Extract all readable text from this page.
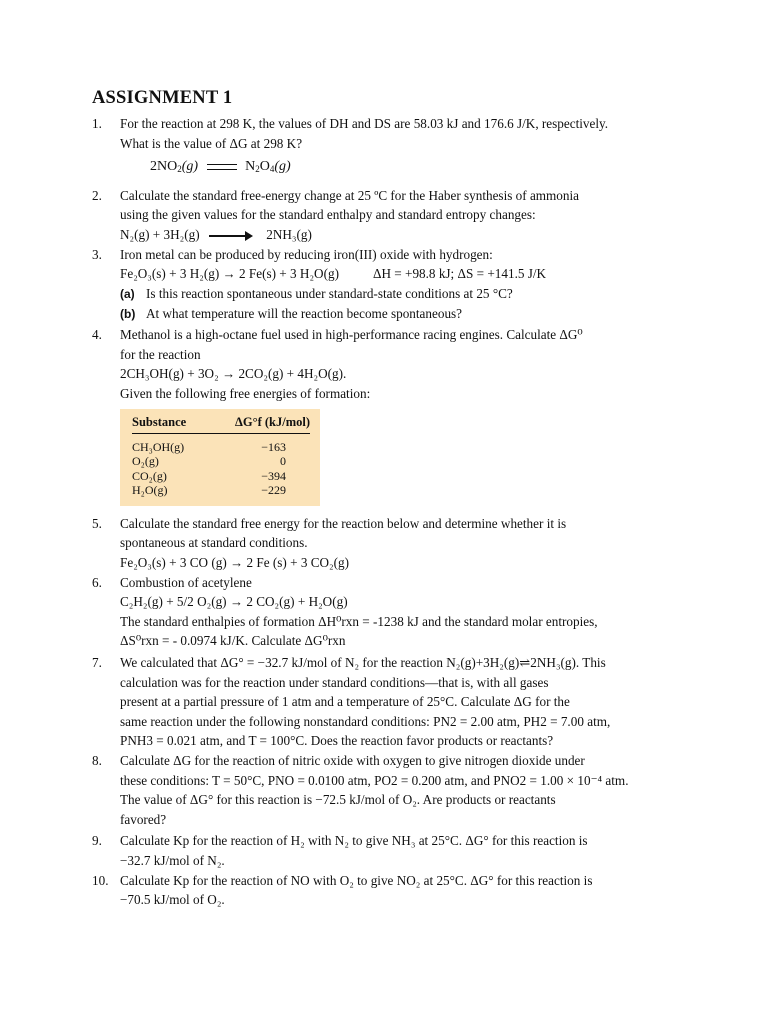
ASSIGNMENT 1
1. For the reaction at 298 K, the values of DH and DS are 58.03 kJ and 176.6 J/K, respectively.
What is the value of ΔG at 298 K?
$2NO_2(g)$	$N_2O_4(g)$
2. Calculate the standard free-energy change at 25 ºC for the Haber synthesis of ammonia
using the given values for the standard enthalpy and standard entropy changes:
N₂(g) + 3H₂(g) → 2NH₃(g)
3. Iron metal can be produced by reducing iron(III) oxide with hydrogen:
Fe₂O₃(s) + 3 H₂(g) → 2 Fe(s) + 3 H₂O(g)	ΔH = +98.8 kJ; ΔS = +141.5 J/K
(a) Is this reaction spontaneous under standard-state conditions at 25 °C?
(b) At what temperature will the reaction become spontaneous?
4. Methanol is a high-octane fuel used in high-performance racing engines. Calculate ΔG⁰
for the reaction
2CH₃OH(g) + 3O₂ → 2CO₂(g) + 4H₂O(g).
Given the following free energies of formation:
Substance	ΔG°f (kJ/mol)
CH₃OH(g)	−163
O₂(g)	0
CO₂(g)	−394
H₂O(g)	−229
5. Calculate the standard free energy for the reaction below and determine whether it is
spontaneous at standard conditions.
Fe₂O₃(s) + 3 CO (g) → 2 Fe (s) + 3 CO₂(g)
6. Combustion of acetylene
C₂H₂(g) + 5/2 O₂(g) → 2 CO₂(g) + H₂O(g)
The standard enthalpies of formation ΔH⁰rxn = -1238 kJ and the standard molar entropies,
ΔS⁰rxn = - 0.0974 kJ/K. Calculate ΔG⁰rxn
7. We calculated that ΔG° = −32.7 kJ/mol of N₂ for the reaction N₂(g)+3H₂(g)⇌2NH₃(g). This
calculation was for the reaction under standard conditions—that is, with all gases
present at a partial pressure of 1 atm and a temperature of 25°C. Calculate ΔG for the
same reaction under the following nonstandard conditions: PN2 = 2.00 atm, PH2 = 7.00 atm,
PNH3 = 0.021 atm, and T = 100°C. Does the reaction favor products or reactants?
8. Calculate ΔG for the reaction of nitric oxide with oxygen to give nitrogen dioxide under
these conditions: T = 50°C, PNO = 0.0100 atm, PO2 = 0.200 atm, and PNO2 = 1.00 × 10⁻⁴ atm.
The value of ΔG° for this reaction is −72.5 kJ/mol of O₂. Are products or reactants
favored?
9. Calculate Kp for the reaction of H₂ with N₂ to give NH₃ at 25°C. ΔG° for this reaction is
−32.7 kJ/mol of N₂.
10. Calculate Kp for the reaction of NO with O₂ to give NO₂ at 25°C. ΔG° for this reaction is
−70.5 kJ/mol of O₂.
